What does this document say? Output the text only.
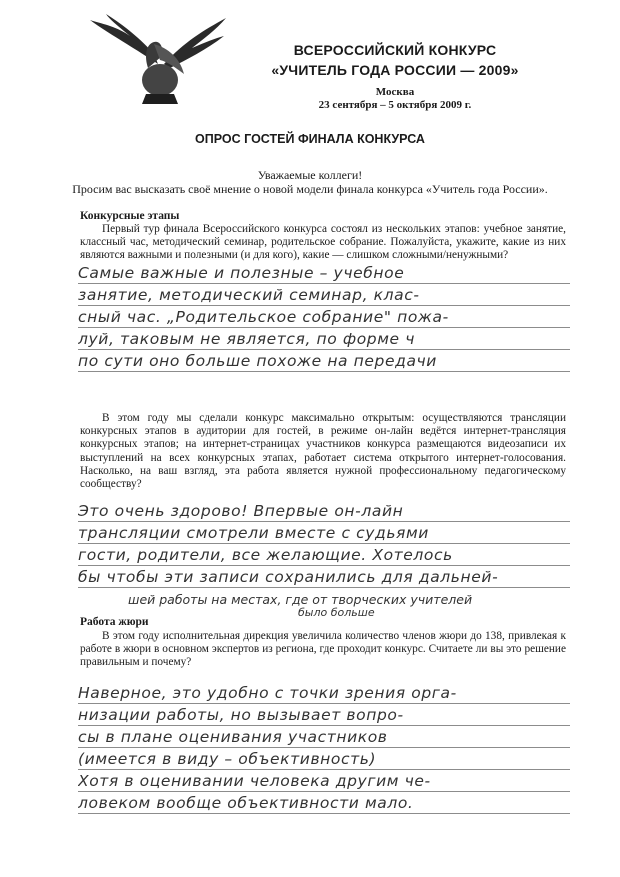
ВСЕРОССИЙСКИЙ КОНКУРС
«УЧИТЕЛЬ ГОДА РОССИИ — 2009»
Москва
23 сентября – 5 октября 2009 г.
ОПРОС ГОСТЕЙ ФИНАЛА КОНКУРСА
Уважаемые коллеги!
Просим вас высказать своё мнение о новой модели финала конкурса «Учитель года России».
Конкурсные этапы

Первый тур финала Всероссийского конкурса состоял из нескольких этапов: учебное занятие, классный час, методический семинар, родительское собрание. Пожалуйста, укажите, какие из них являются важными и полезными (и для кого), какие — слишком сложными/ненужными?

Самые важные и полезные – учебное
занятие, методический семинар, клас-
сный час. „Родительское собрание" пожа-
луй, таковым не является, по форме ч
по сути оно больше похоже на передачи

В этом году мы сделали конкурс максимально открытым: осуществляются трансляции конкурсных этапов в аудитории для гостей, в режиме он-лайн ведётся интернет-трансляция конкурсных этапов; на интернет-страницах участников конкурса размещаются видеозаписи их выступлений на всех конкурсных этапах, работает система открытого интернет-голосования. Насколько, на ваш взгляд, эта работа является нужной профессиональному педагогическому сообществу?

Это очень здорово! Впервые он-лайн
трансляции смотрели вместе с судьями
гости, родители, все желающие. Хотелось
бы чтобы эти записи сохранились для дальней-
шей работы на местах, где от творческих учителей
было больше
Работа жюри

В этом году исполнительная дирекция увеличила количество членов жюри до 138, привлекая к работе в жюри в основном экспертов из региона, где проходит конкурс. Считаете ли вы это решение правильным и почему?

Наверное, это удобно с точки зрения орга-
низации работы, но вызывает вопро-
сы в плане оценивания участников
(имеется в виду – объективность)
Хотя в оценивании человека другим че-
ловеком вообще объективности мало.
